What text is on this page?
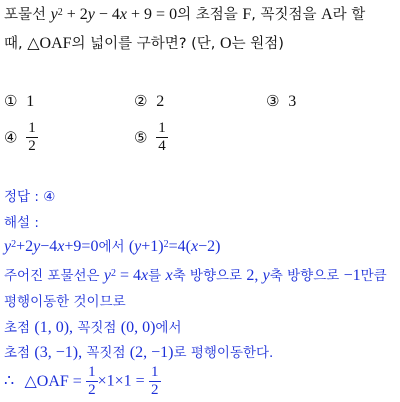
포물선 $y^2 + 2y - 4x + 9 = 0$의 초점을 F, 꼭짓점을 A라 할
때, △OAF의 넓이를 구하면? (단, O는 원점)
① 1	② 2	③ 3
④ $\frac{1}{2}$	⑤ $\frac{1}{4}$
정답 : ④
해설 :
$y^2+2y-4x+9=0$에서 $(y+1)^2=4(x-2)$
주어진 포물선은 $y^2 = 4x$를 x축 방향으로 2, y축 방향으로 −1만큼
평행이동한 것이므로
초점 (1, 0), 꼭짓점 (0, 0)에서
초점 (3, −1), 꼭짓점 (2, −1)로 평행이동한다.
∴ △OAF = $\frac{1}{2} \times 1\times 1 = \frac{1}{2}$
